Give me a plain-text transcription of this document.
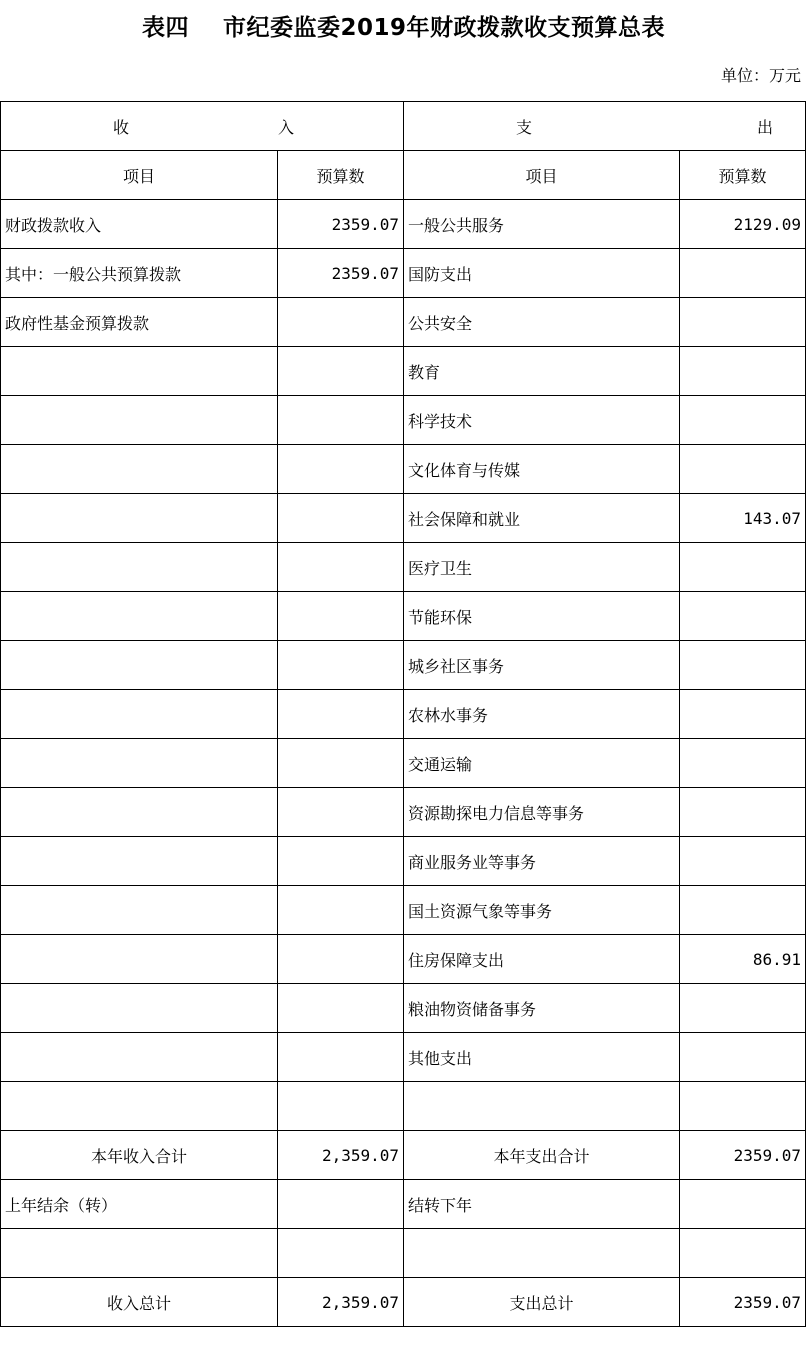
表四    市纪委监委2019年财政拨款收支预算总表
单位：万元
收 入		支 出	

项目	预算数	项目	预算数
财政拨款收入	2359.07	一般公共服务	2129.09
其中：一般公共预算拨款	2359.07	国防支出	
政府性基金预算拨款		公共安全	
		教育	
		科学技术	
		文化体育与传媒	
		社会保障和就业	143.07
		医疗卫生	
		节能环保	
		城乡社区事务	
		农林水事务	
		交通运输	
		资源勘探电力信息等事务	
		商业服务业等事务	
		国土资源气象等事务	
		住房保障支出	86.91
		粮油物资储备事务	
		其他支出	

本年收入合计	2,359.07	本年支出合计	2359.07
上年结余（转）		结转下年	

收入总计	2,359.07	支出总计	2359.07
